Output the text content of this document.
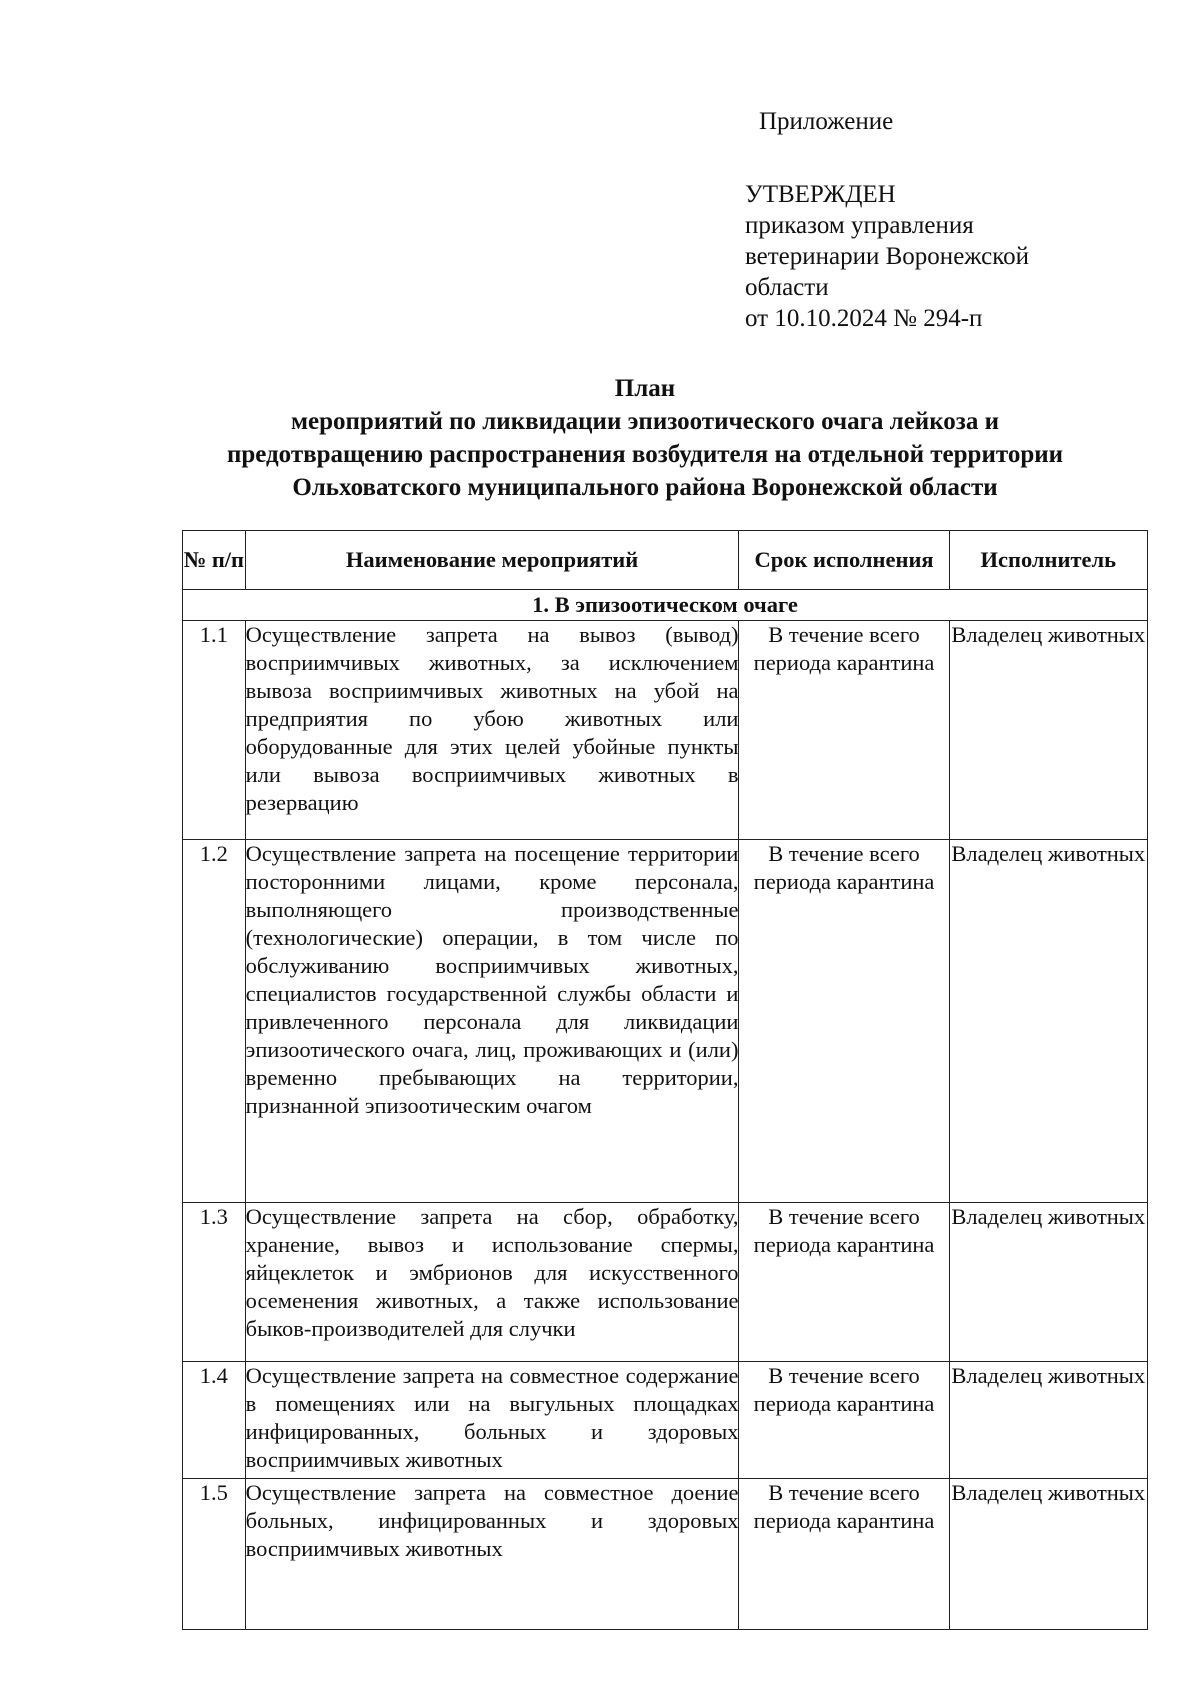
Приложение
УТВЕРЖДЕН
приказом управления
ветеринарии Воронежской
области
от 10.10.2024 № 294-п
План
мероприятий по ликвидации эпизоотического очага лейкоза и
предотвращению распространения возбудителя на отдельной территории
Ольховатского муниципального района Воронежской области
№ п/п	Наименование мероприятий	Срок исполнения	Исполнитель
1. В эпизоотическом очаге			
1.1	Осуществление запрета на вывоз (вывод) восприимчивых животных, за исключением вывоза восприимчивых животных на убой на предприятия по убою животных или оборудованные для этих целей убойные пункты или вывоза восприимчивых животных в резервацию	В течение всего периода карантина	Владелец животных
1.2	Осуществление запрета на посещение территории посторонними лицами, кроме персонала, выполняющего производственные (технологические) операции, в том числе по обслуживанию восприимчивых животных, специалистов государственной службы области и привлеченного персонала для ликвидации эпизоотического очага, лиц, проживающих и (или) временно пребывающих на территории, признанной эпизоотическим очагом	В течение всего периода карантина	Владелец животных
1.3	Осуществление запрета на сбор, обработку, хранение, вывоз и использование спермы, яйцеклеток и эмбрионов для искусственного осеменения животных, а также использование быков-производителей для случки	В течение всего периода карантина	Владелец животных
1.4	Осуществление запрета на совместное содержание в помещениях или на выгульных площадках инфицированных, больных и здоровых восприимчивых животных	В течение всего периода карантина	Владелец животных
1.5	Осуществление запрета на совместное доение больных, инфицированных и здоровых восприимчивых животных	В течение всего периода карантина	Владелец животных
